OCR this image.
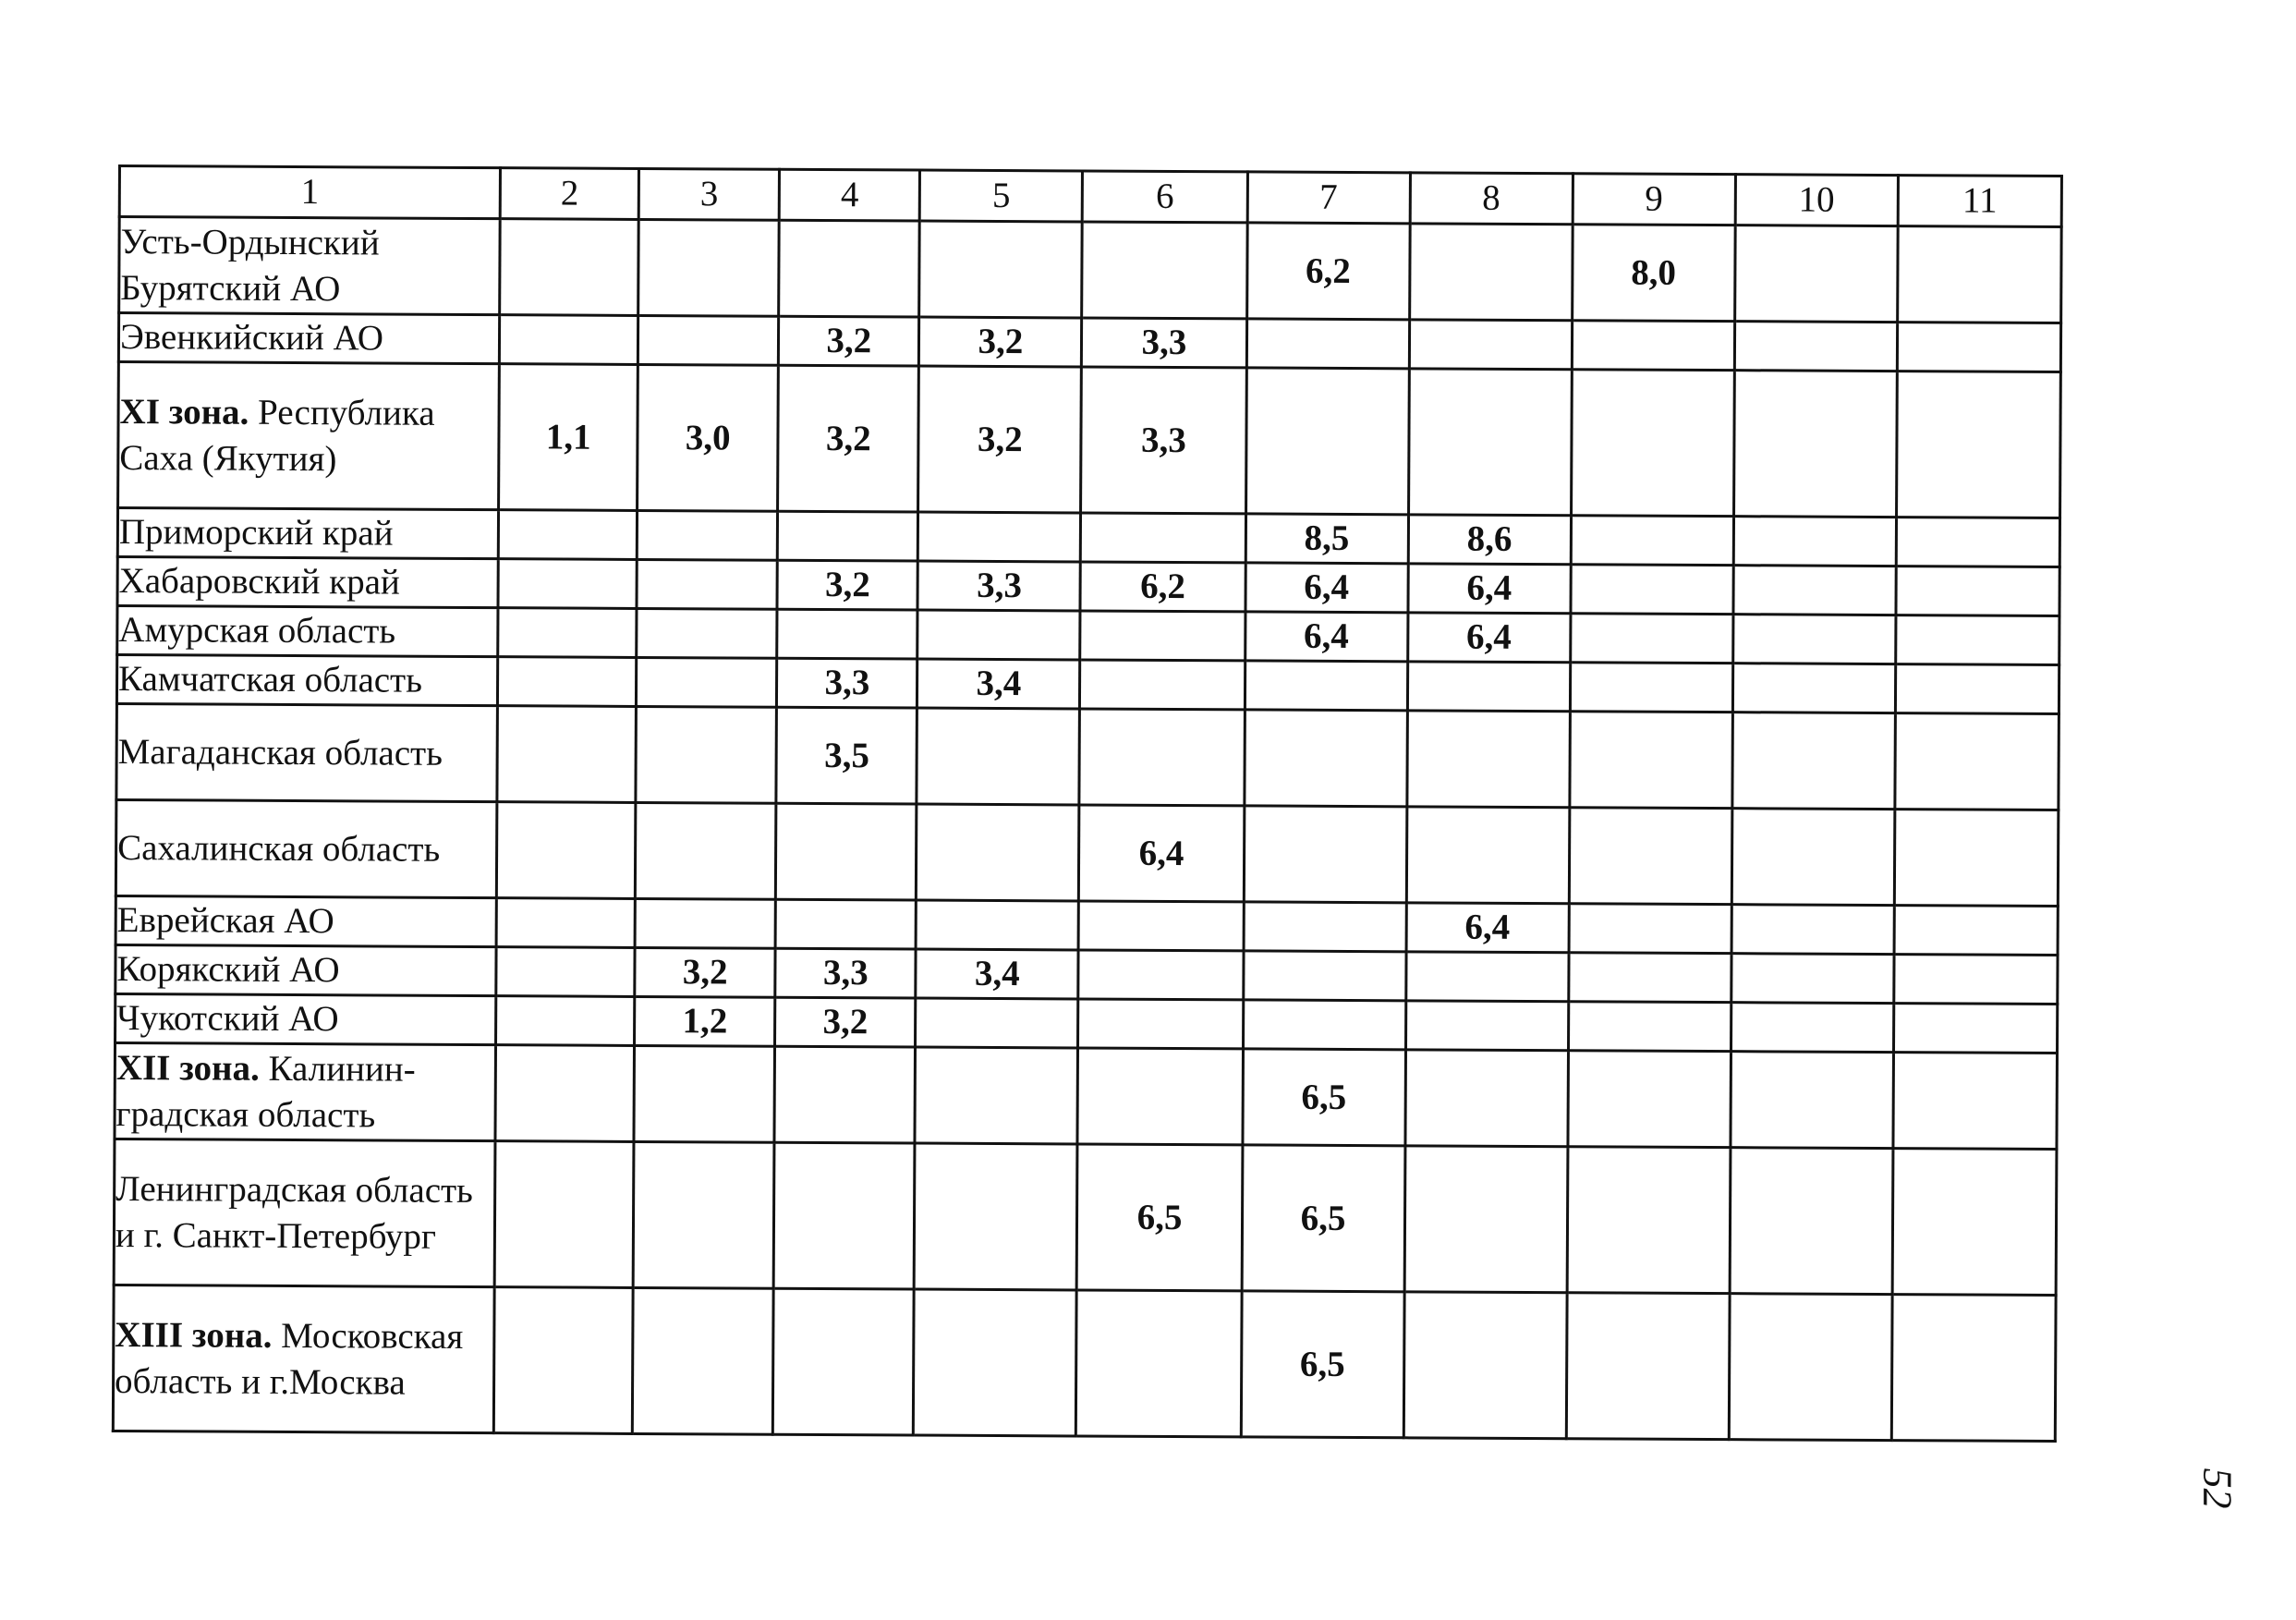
1	2	3	4	5	6	7	8	9	10	11
Усть-Ордынский Бурятский АО						6,2		8,0		
Эвенкийский АО			3,2	3,2	3,3					
XI зона. Республика Саха (Якутия)	1,1	3,0	3,2	3,2	3,3					
Приморский край						8,5	8,6			
Хабаровский край			3,2	3,3	6,2	6,4	6,4			
Амурская область						6,4	6,4			
Камчатская область			3,3	3,4						
Магаданская область			3,5							
Сахалинская область					6,4					
Еврейская АО							6,4			
Корякский АО		3,2	3,3	3,4						
Чукотский АО		1,2	3,2							
XII зона. Калинин-градская область						6,5				
Ленинградская область и г. Санкт-Петербург					6,5	6,5				
XIII зона. Московская область и г.Москва						6,5				
52
